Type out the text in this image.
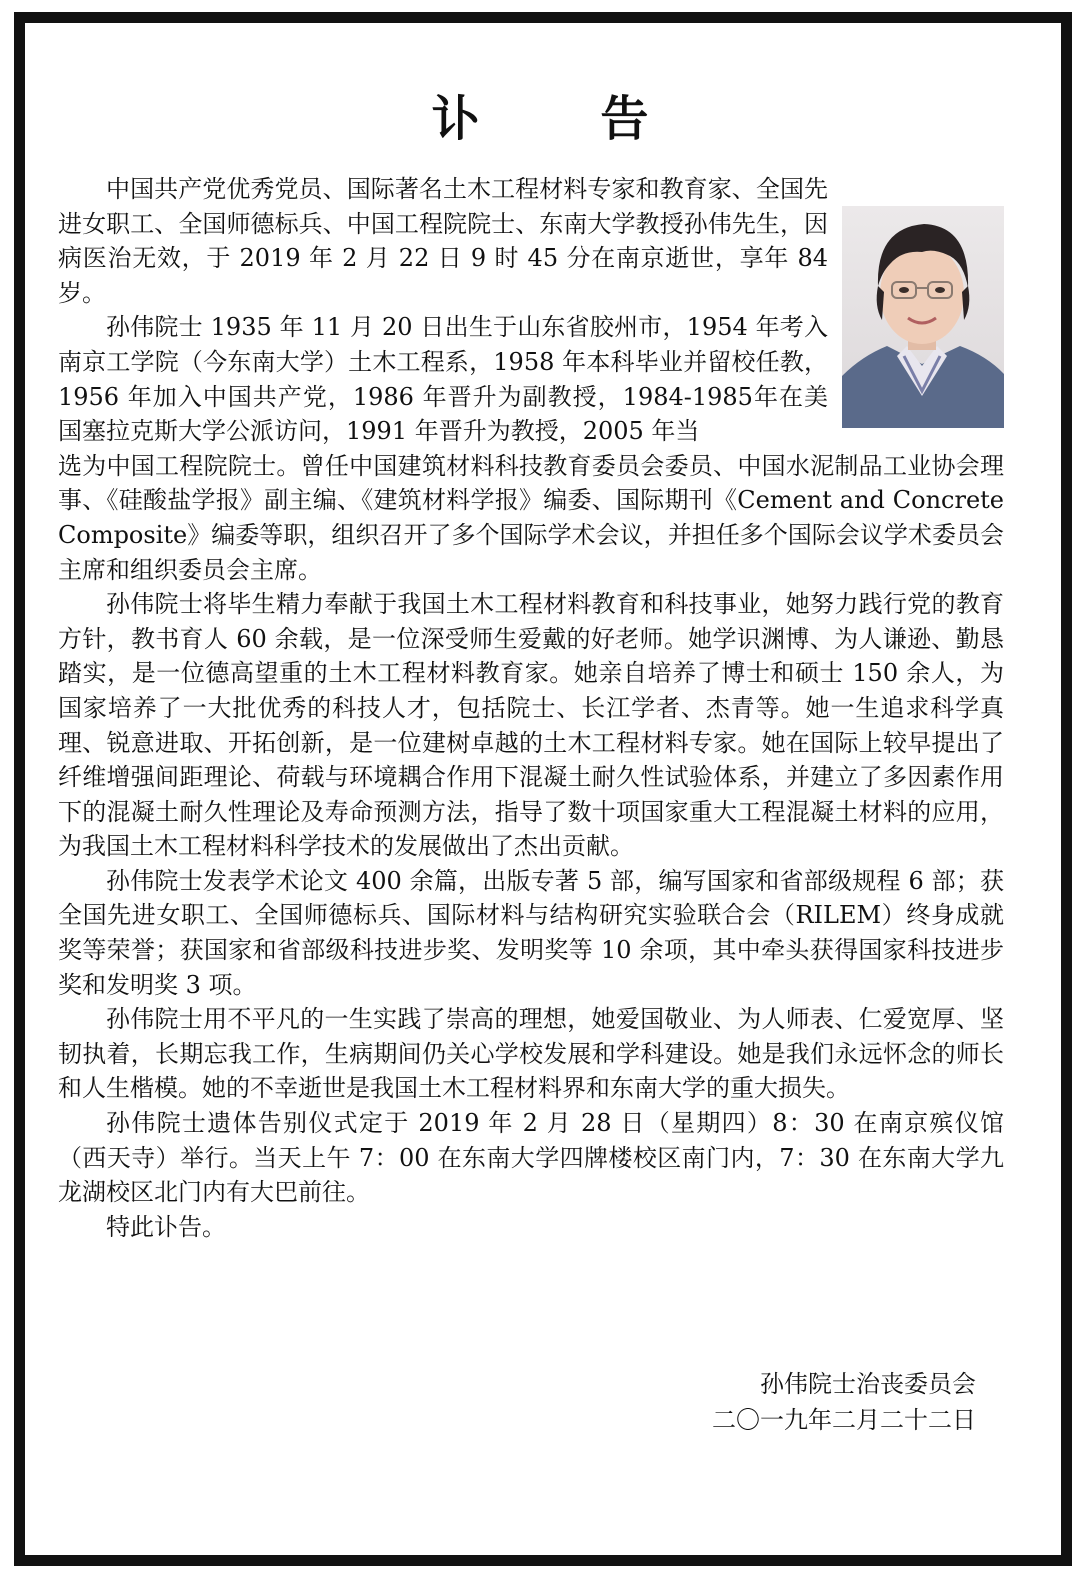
讣 告

中国共产党优秀党员、国际著名土木工程材料专家和教育家、全国先进女职工、全国师德标兵、中国工程院院士、东南大学教授孙伟先生，因病医治无效，于 2019 年 2 月 22 日 9 时 45 分在南京逝世，享年 84 岁。

孙伟院士 1935 年 11 月 20 日出生于山东省胶州市，1954 年考入南京工学院（今东南大学）土木工程系，1958 年本科毕业并留校任教，1956 年加入中国共产党，1986 年晋升为副教授，1984-1985年在美国塞拉克斯大学公派访问，1991 年晋升为教授，2005 年当

选为中国工程院院士。曾任中国建筑材料科技教育委员会委员、中国水泥制品工业协会理事、《硅酸盐学报》副主编、《建筑材料学报》编委、国际期刊《Cement and Concrete Composite》编委等职，组织召开了多个国际学术会议，并担任多个国际会议学术委员会主席和组织委员会主席。

孙伟院士将毕生精力奉献于我国土木工程材料教育和科技事业，她努力践行党的教育方针，教书育人 60 余载，是一位深受师生爱戴的好老师。她学识渊博、为人谦逊、勤恳踏实，是一位德高望重的土木工程材料教育家。她亲自培养了博士和硕士 150 余人，为国家培养了一大批优秀的科技人才，包括院士、长江学者、杰青等。她一生追求科学真理、锐意进取、开拓创新，是一位建树卓越的土木工程材料专家。她在国际上较早提出了纤维增强间距理论、荷载与环境耦合作用下混凝土耐久性试验体系，并建立了多因素作用下的混凝土耐久性理论及寿命预测方法，指导了数十项国家重大工程混凝土材料的应用，为我国土木工程材料科学技术的发展做出了杰出贡献。

孙伟院士发表学术论文 400 余篇，出版专著 5 部，编写国家和省部级规程 6 部；获全国先进女职工、全国师德标兵、国际材料与结构研究实验联合会（RILEM）终身成就奖等荣誉；获国家和省部级科技进步奖、发明奖等 10 余项，其中牵头获得国家科技进步奖和发明奖 3 项。

孙伟院士用不平凡的一生实践了崇高的理想，她爱国敬业、为人师表、仁爱宽厚、坚韧执着，长期忘我工作，生病期间仍关心学校发展和学科建设。她是我们永远怀念的师长和人生楷模。她的不幸逝世是我国土木工程材料界和东南大学的重大损失。

孙伟院士遗体告别仪式定于 2019 年 2 月 28 日（星期四）8：30 在南京殡仪馆（西天寺）举行。当天上午 7：00 在东南大学四牌楼校区南门内，7：30 在东南大学九龙湖校区北门内有大巴前往。

特此讣告。

孙伟院士治丧委员会
二〇一九年二月二十二日
